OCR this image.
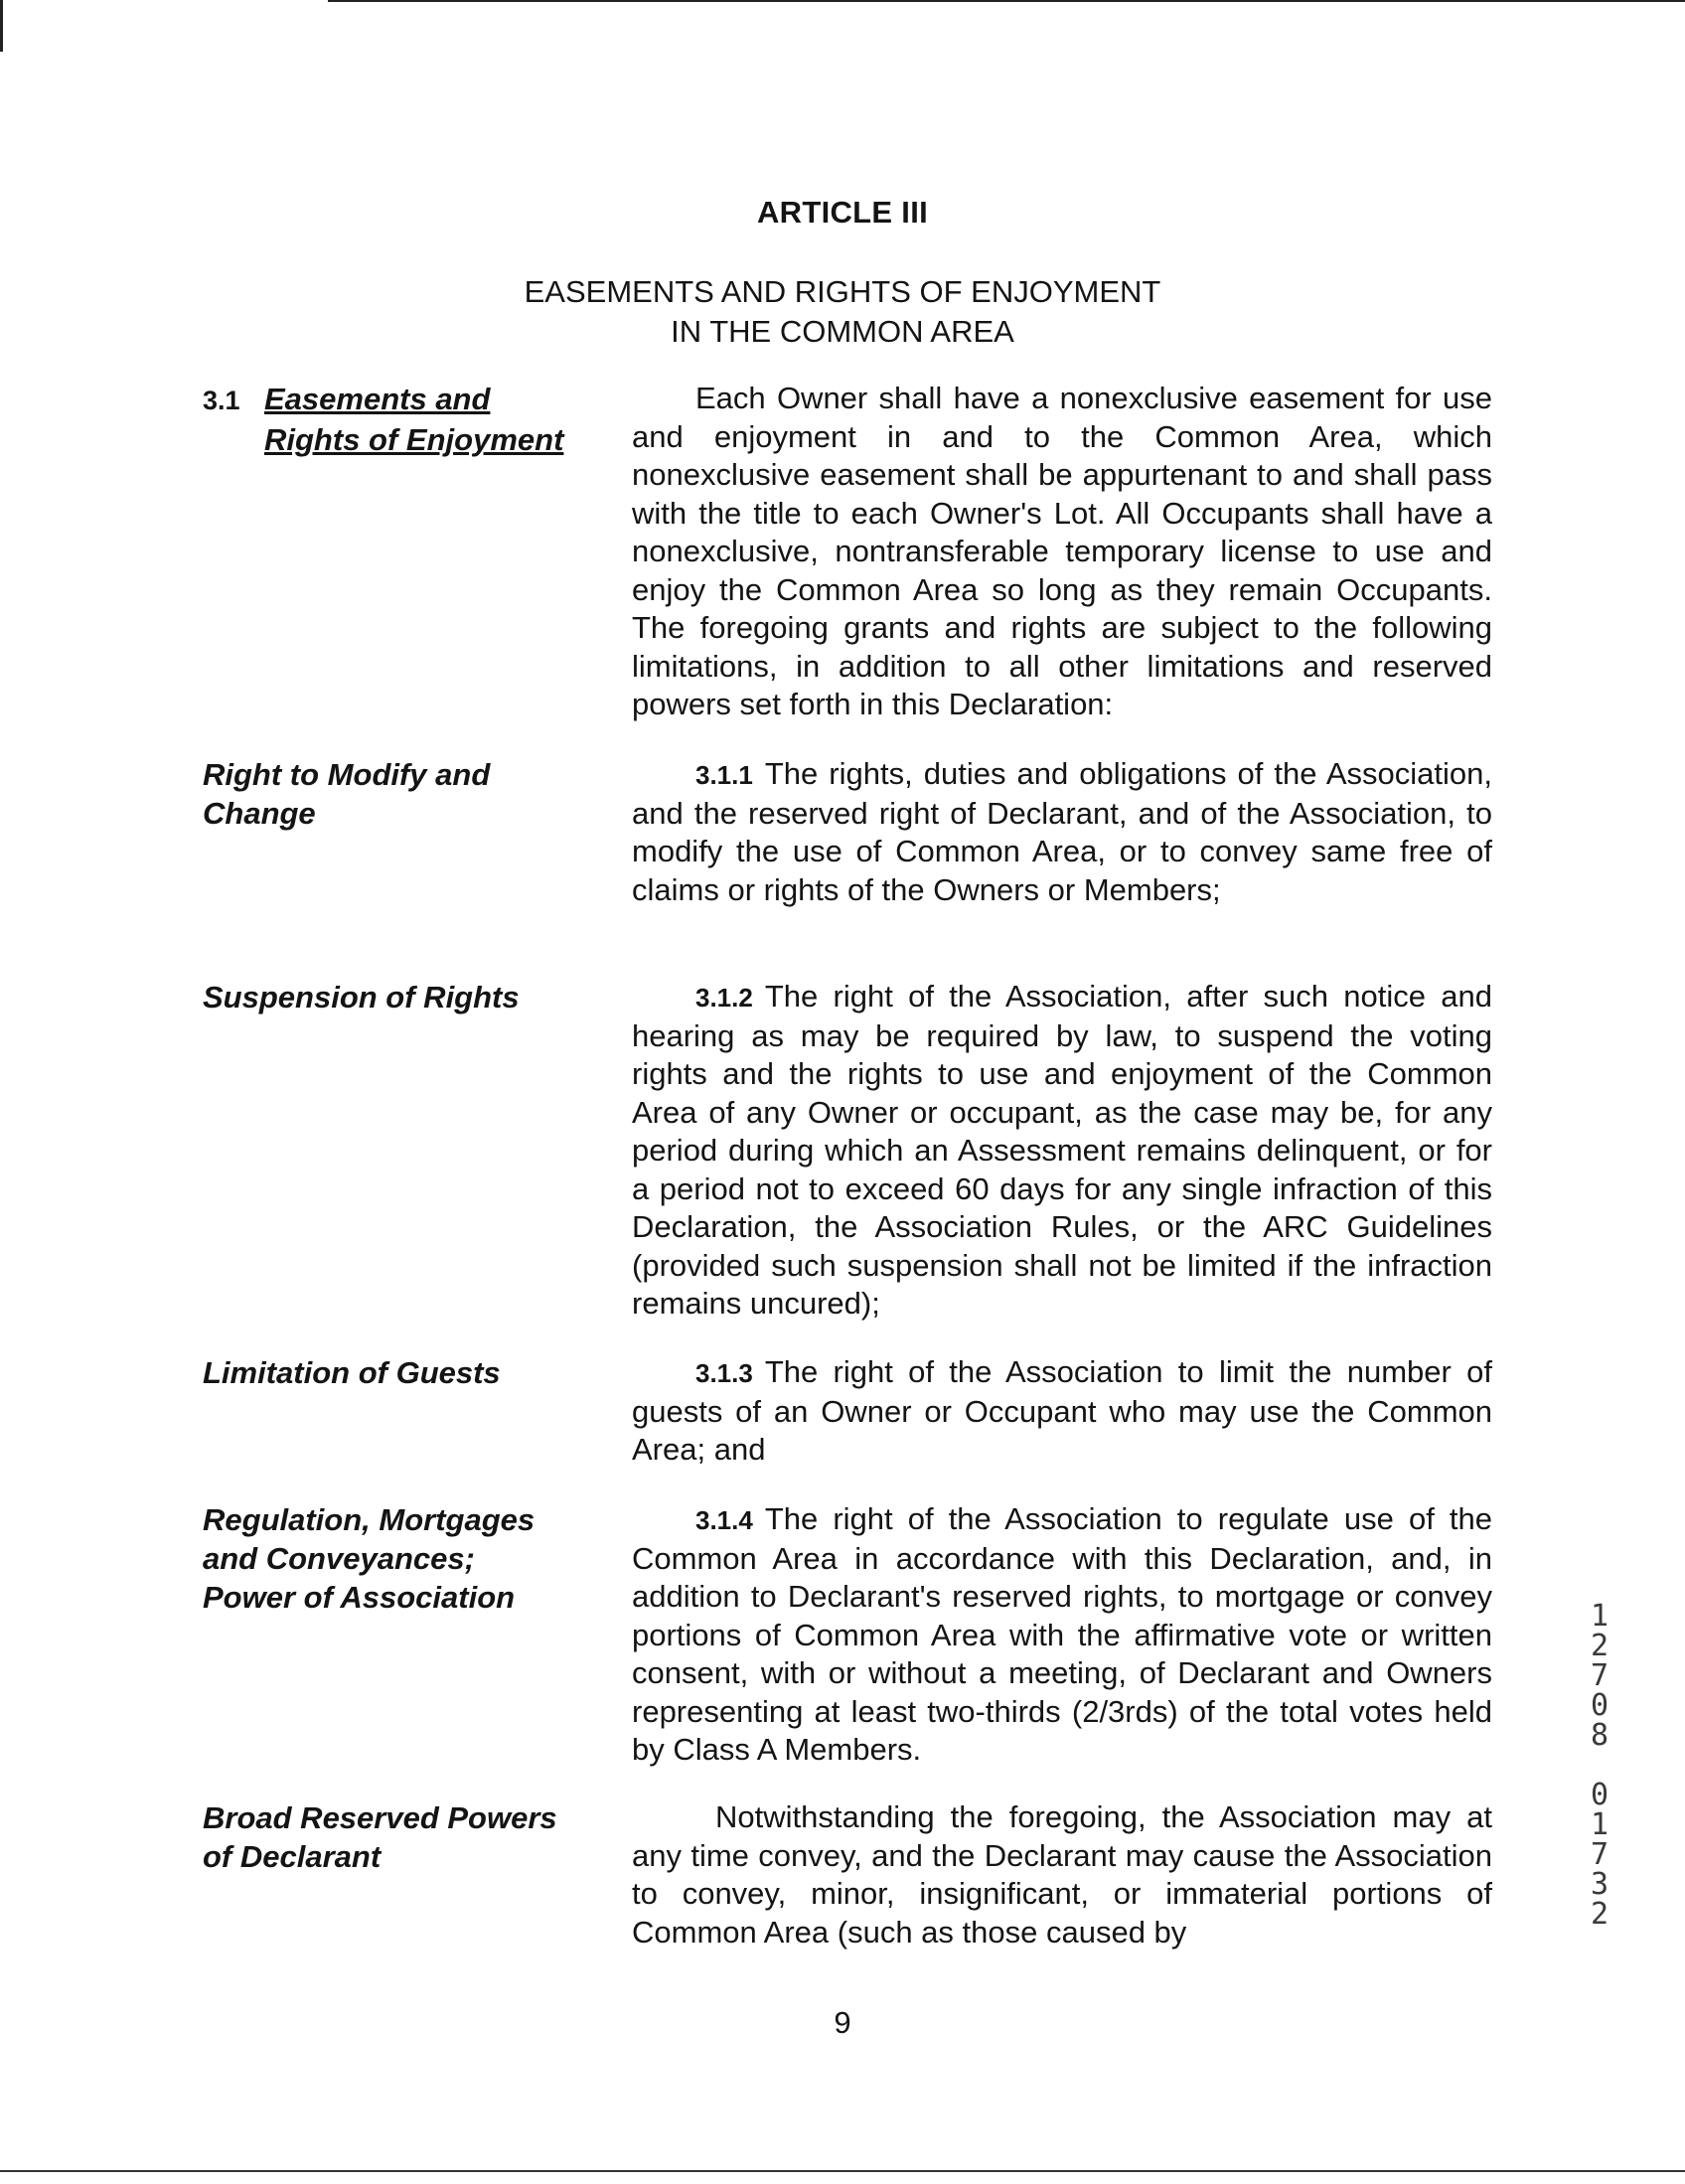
ARTICLE III
EASEMENTS AND RIGHTS OF ENJOYMENT
IN THE COMMON AREA
3.1 Easements and
Rights of Enjoyment
Each Owner shall have a nonexclusive easement for use and enjoyment in and to the Common Area, which nonexclusive easement shall be appurtenant to and shall pass with the title to each Owner's Lot. All Occupants shall have a nonexclusive, nontransferable temporary license to use and enjoy the Common Area so long as they remain Occupants. The foregoing grants and rights are subject to the following limitations, in addition to all other limitations and reserved powers set forth in this Declaration:
Right to Modify and
Change
3.1.1 The rights, duties and obligations of the Association, and the reserved right of Declarant, and of the Association, to modify the use of Common Area, or to convey same free of claims or rights of the Owners or Members;
Suspension of Rights	3.1.2 The right of the Association, after such notice and hearing as may be required by law, to suspend the voting rights and the rights to use and enjoyment of the Common Area of any Owner or occupant, as the case may be, for any period during which an Assessment remains delinquent, or for a period not to exceed 60 days for any single infraction of this Declaration, the Association Rules, or the ARC Guidelines (provided such suspension shall not be limited if the infraction remains uncured);
Limitation of Guests	3.1.3 The right of the Association to limit the number of guests of an Owner or Occupant who may use the Common Area; and
Regulation, Mortgages
and Conveyances;
Power of Association
3.1.4 The right of the Association to regulate use of the Common Area in accordance with this Declaration, and, in addition to Declarant's reserved rights, to mortgage or convey portions of Common Area with the affirmative vote or written consent, with or without a meeting, of Declarant and Owners representing at least two-thirds (2/3rds) of the total votes held by Class A Members.
Broad Reserved Powers
of Declarant
Notwithstanding the foregoing, the Association may at any time convey, and the Declarant may cause the Association to convey, minor, insignificant, or immaterial portions of Common Area (such as those caused by
1
2
7
0
8

0
1
7
3
2
9
